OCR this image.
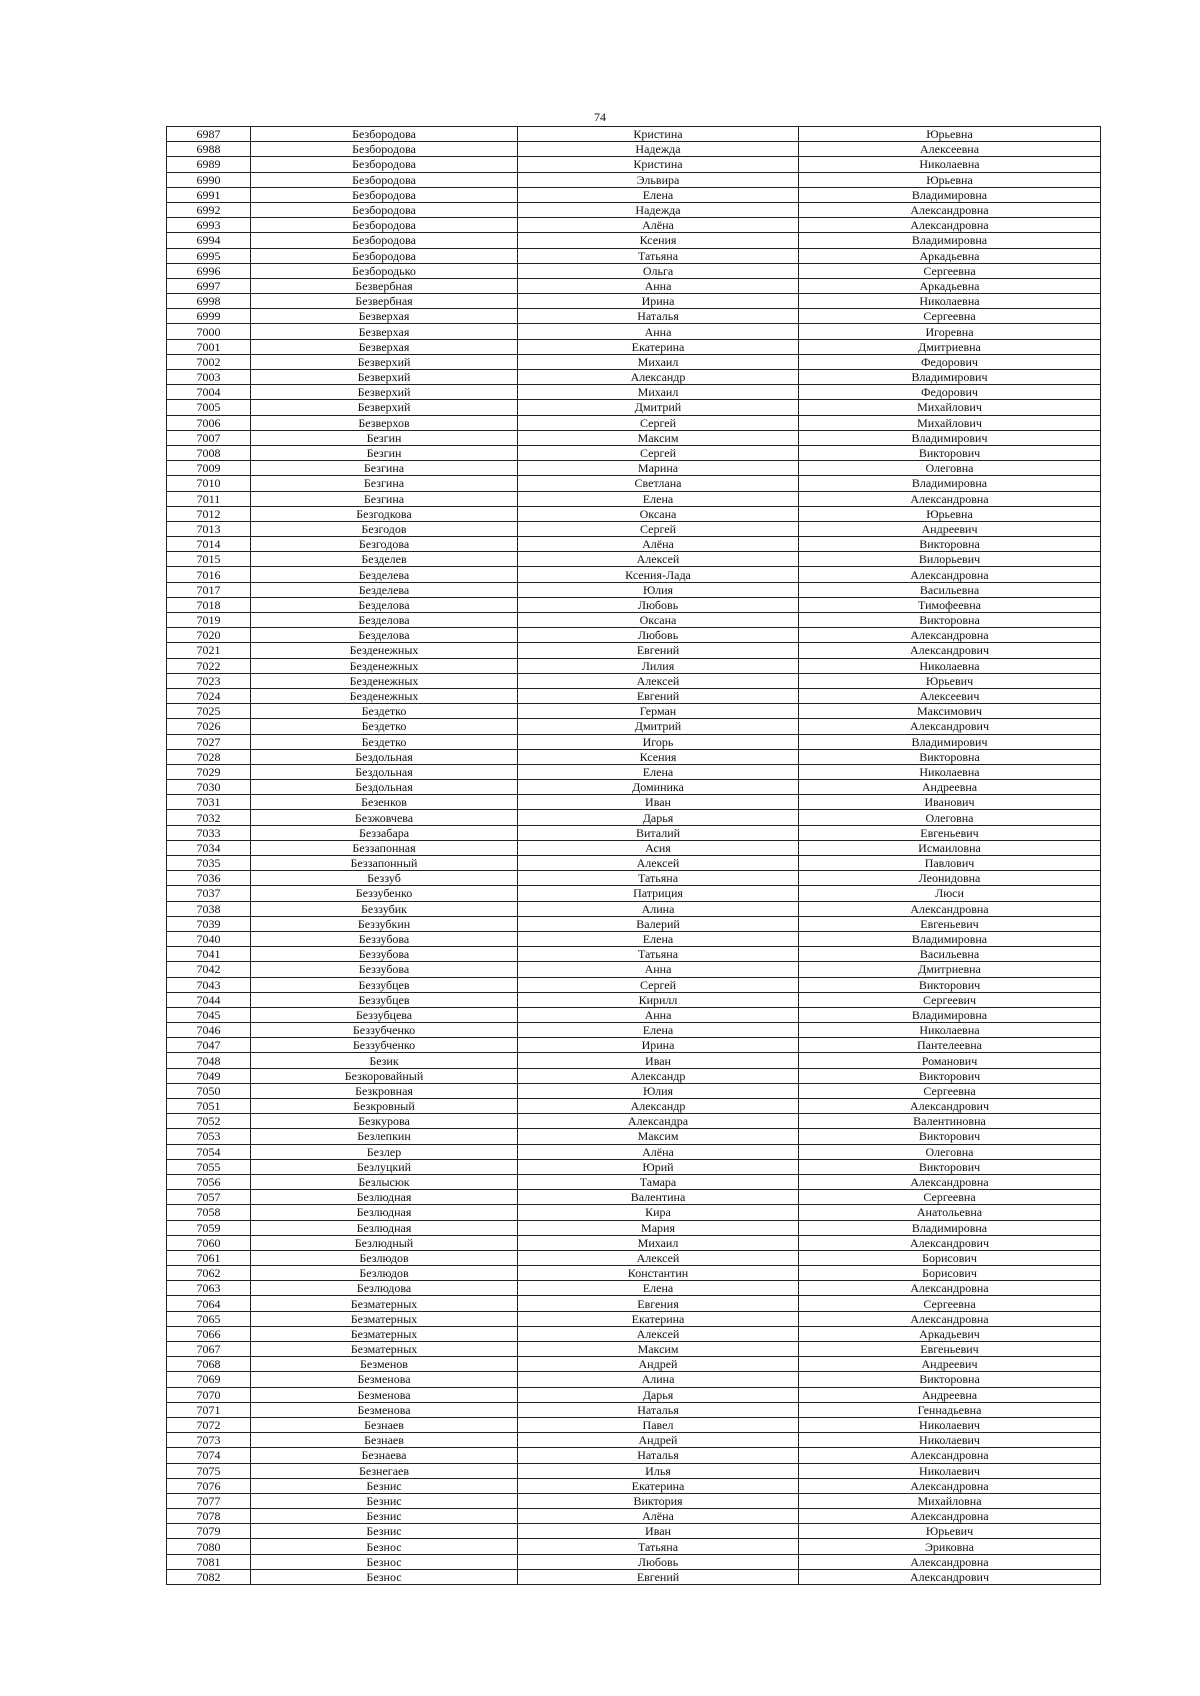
74
6987	Безбородова	Кристина	Юрьевна
6988	Безбородова	Надежда	Алексеевна
6989	Безбородова	Кристина	Николаевна
6990	Безбородова	Эльвира	Юрьевна
6991	Безбородова	Елена	Владимировна
6992	Безбородова	Надежда	Александровна
6993	Безбородова	Алёна	Александровна
6994	Безбородова	Ксения	Владимировна
6995	Безбородова	Татьяна	Аркадьевна
6996	Безбородько	Ольга	Сергеевна
6997	Безвербная	Анна	Аркадьевна
6998	Безвербная	Ирина	Николаевна
6999	Безверхая	Наталья	Сергеевна
7000	Безверхая	Анна	Игоревна
7001	Безверхая	Екатерина	Дмитриевна
7002	Безверхий	Михаил	Федорович
7003	Безверхий	Александр	Владимирович
7004	Безверхий	Михаил	Федорович
7005	Безверхий	Дмитрий	Михайлович
7006	Безверхов	Сергей	Михайлович
7007	Безгин	Максим	Владимирович
7008	Безгин	Сергей	Викторович
7009	Безгина	Марина	Олеговна
7010	Безгина	Светлана	Владимировна
7011	Безгина	Елена	Александровна
7012	Безгодкова	Оксана	Юрьевна
7013	Безгодов	Сергей	Андреевич
7014	Безгодова	Алёна	Викторовна
7015	Безделев	Алексей	Вилорьевич
7016	Безделева	Ксения-Лада	Александровна
7017	Безделева	Юлия	Васильевна
7018	Безделова	Любовь	Тимофеевна
7019	Безделова	Оксана	Викторовна
7020	Безделова	Любовь	Александровна
7021	Безденежных	Евгений	Александрович
7022	Безденежных	Лилия	Николаевна
7023	Безденежных	Алексей	Юрьевич
7024	Безденежных	Евгений	Алексеевич
7025	Бездетко	Герман	Максимович
7026	Бездетко	Дмитрий	Александрович
7027	Бездетко	Игорь	Владимирович
7028	Бездольная	Ксения	Викторовна
7029	Бездольная	Елена	Николаевна
7030	Бездольная	Доминика	Андреевна
7031	Безенков	Иван	Иванович
7032	Безжовчева	Дарья	Олеговна
7033	Беззабара	Виталий	Евгеньевич
7034	Беззапонная	Асия	Исмаиловна
7035	Беззапонный	Алексей	Павлович
7036	Беззуб	Татьяна	Леонидовна
7037	Беззубенко	Патриция	Люси
7038	Беззубик	Алина	Александровна
7039	Беззубкин	Валерий	Евгеньевич
7040	Беззубова	Елена	Владимировна
7041	Беззубова	Татьяна	Васильевна
7042	Беззубова	Анна	Дмитриевна
7043	Беззубцев	Сергей	Викторович
7044	Беззубцев	Кирилл	Сергеевич
7045	Беззубцева	Анна	Владимировна
7046	Беззубченко	Елена	Николаевна
7047	Беззубченко	Ирина	Пантелеевна
7048	Безик	Иван	Романович
7049	Безкоровайный	Александр	Викторович
7050	Безкровная	Юлия	Сергеевна
7051	Безкровный	Александр	Александрович
7052	Безкурова	Александра	Валентиновна
7053	Безлепкин	Максим	Викторович
7054	Безлер	Алёна	Олеговна
7055	Безлуцкий	Юрий	Викторович
7056	Безлысюк	Тамара	Александровна
7057	Безлюдная	Валентина	Сергеевна
7058	Безлюдная	Кира	Анатольевна
7059	Безлюдная	Мария	Владимировна
7060	Безлюдный	Михаил	Александрович
7061	Безлюдов	Алексей	Борисович
7062	Безлюдов	Константин	Борисович
7063	Безлюдова	Елена	Александровна
7064	Безматерных	Евгения	Сергеевна
7065	Безматерных	Екатерина	Александровна
7066	Безматерных	Алексей	Аркадьевич
7067	Безматерных	Максим	Евгеньевич
7068	Безменов	Андрей	Андреевич
7069	Безменова	Алина	Викторовна
7070	Безменова	Дарья	Андреевна
7071	Безменова	Наталья	Геннадьевна
7072	Безнаев	Павел	Николаевич
7073	Безнаев	Андрей	Николаевич
7074	Безнаева	Наталья	Александровна
7075	Безнегаев	Илья	Николаевич
7076	Безнис	Екатерина	Александровна
7077	Безнис	Виктория	Михайловна
7078	Безнис	Алёна	Александровна
7079	Безнис	Иван	Юрьевич
7080	Безнос	Татьяна	Эриковна
7081	Безнос	Любовь	Александровна
7082	Безнос	Евгений	Александрович
